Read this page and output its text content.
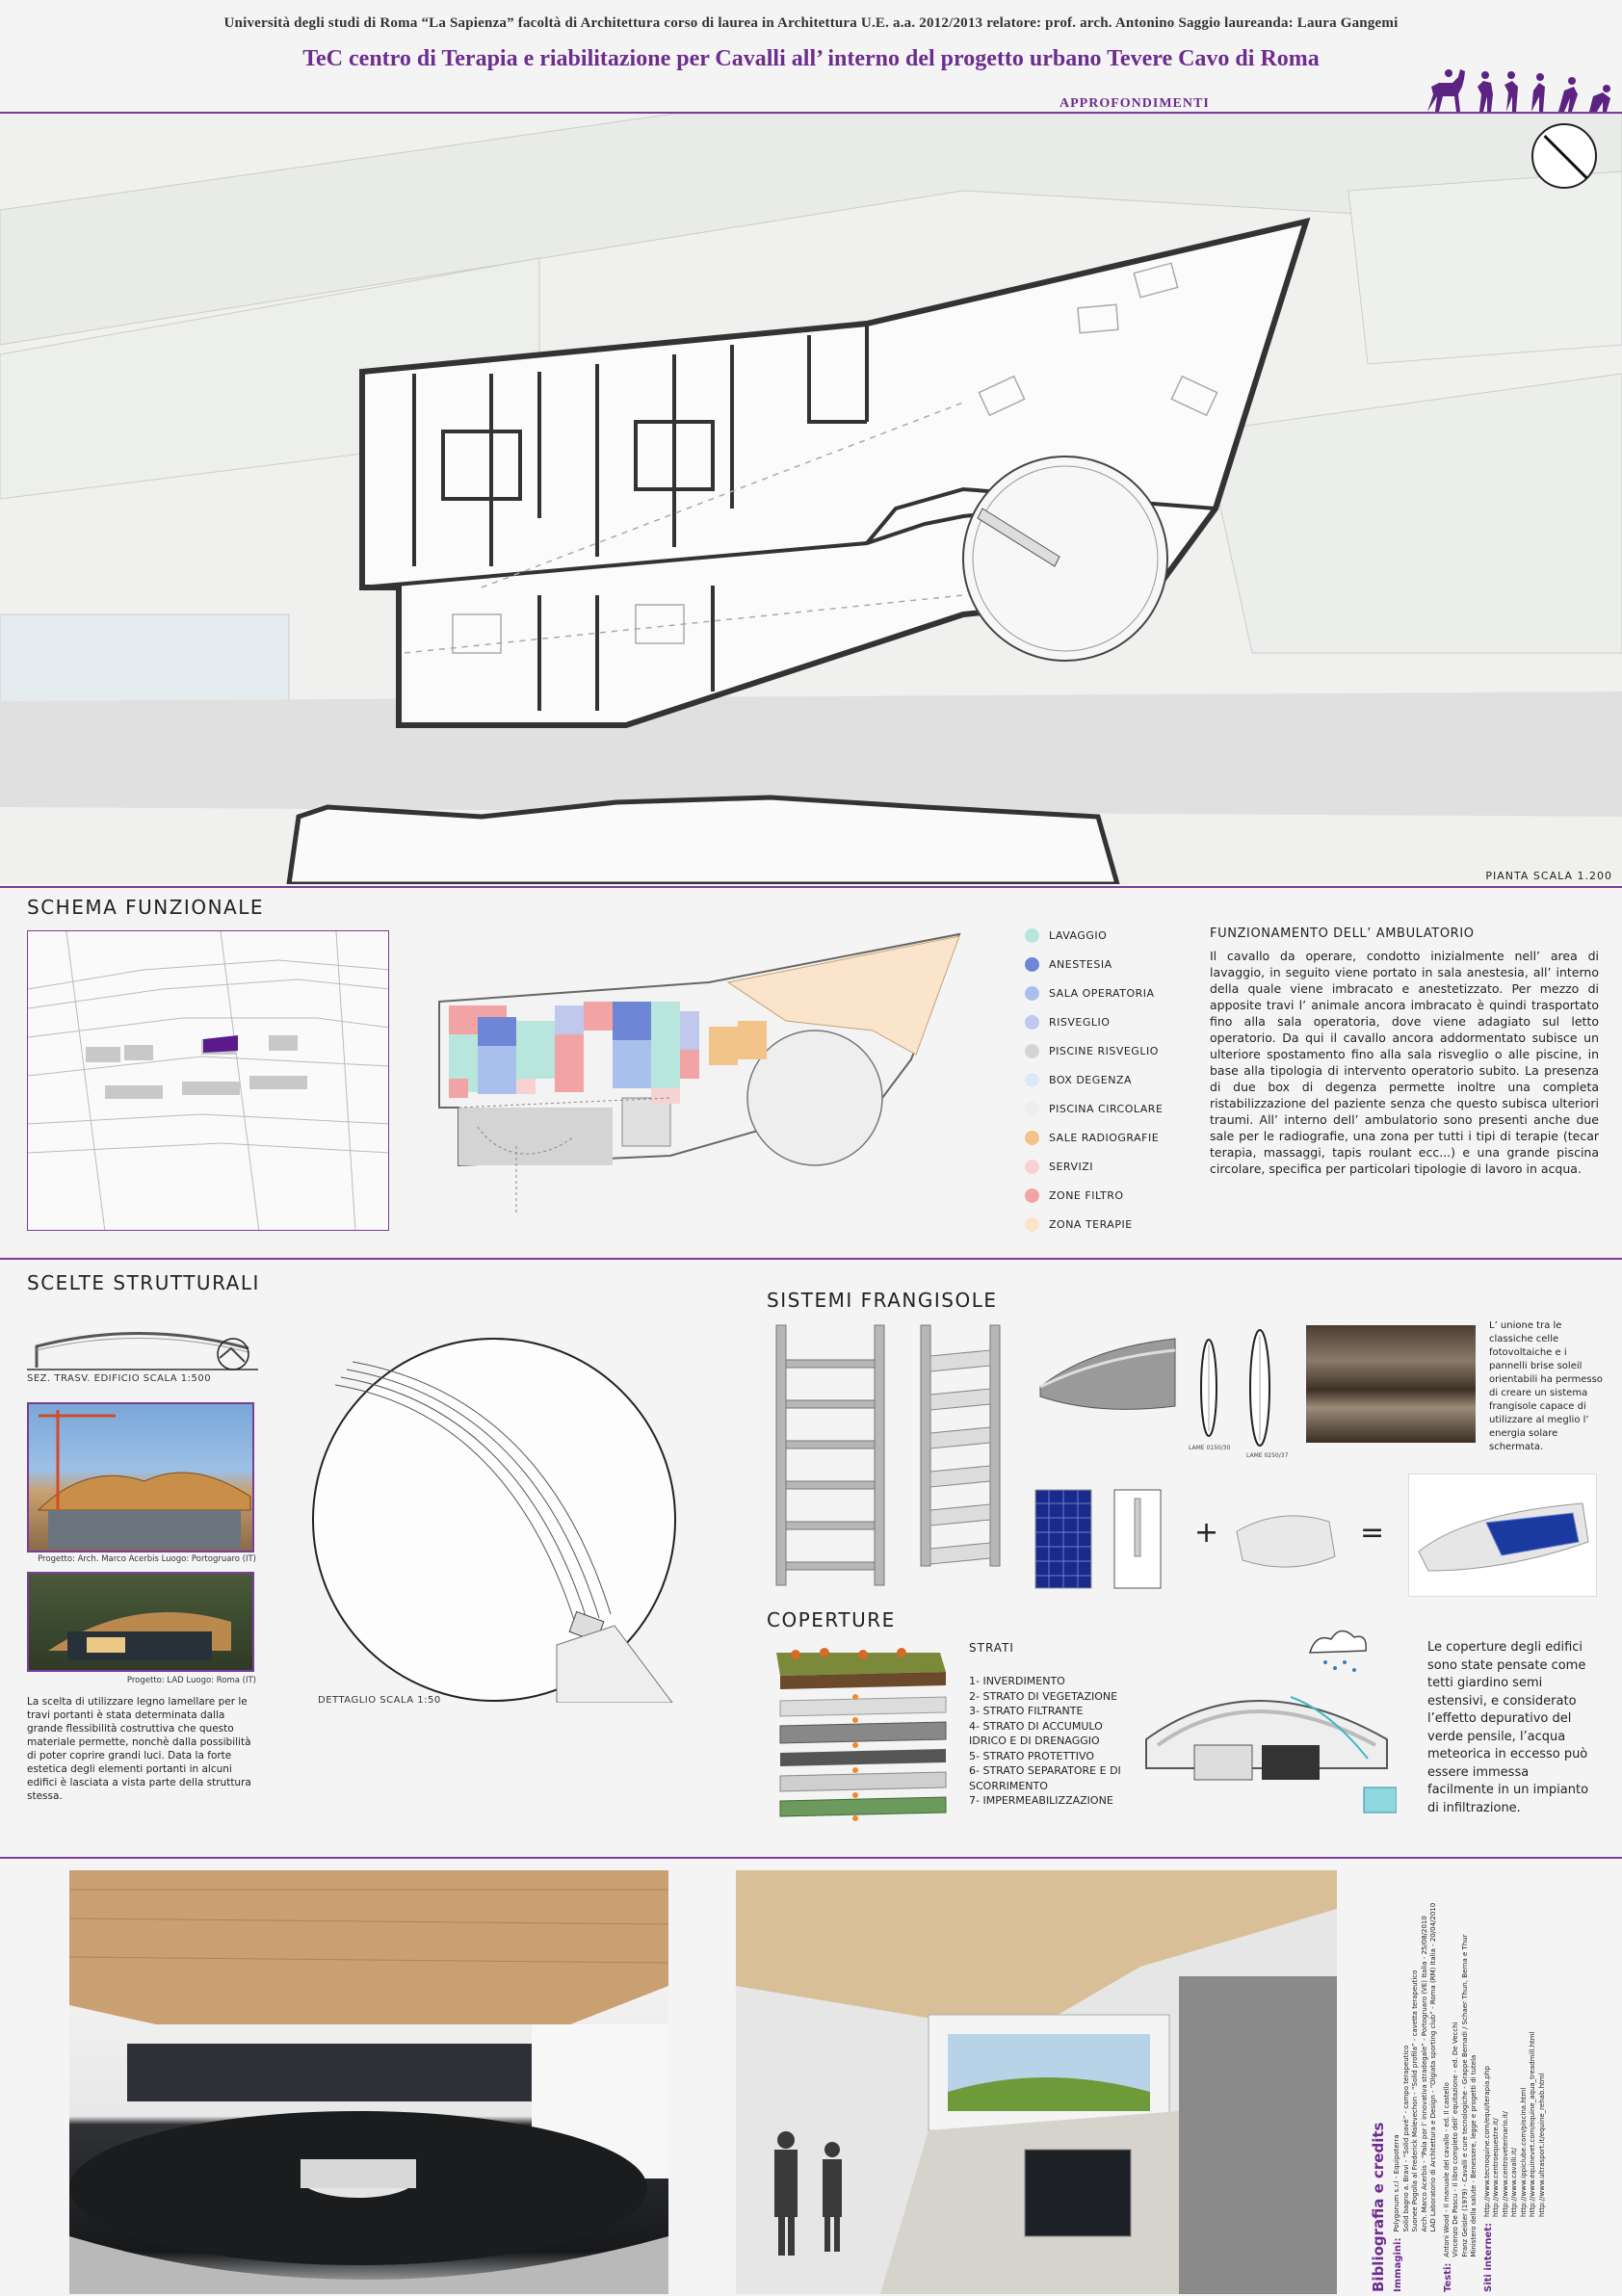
Università degli studi di Roma “La Sapienza” facoltà di Architettura corso di laurea in Architettura U.E. a.a. 2012/2013 relatore: prof. arch. Antonino Saggio laureanda: Laura Gangemi
TeC centro di Terapia e riabilitazione per Cavalli all’ interno del progetto urbano Tevere Cavo di Roma
APPROFONDIMENTI
PIANTA SCALA 1.200
SCHEMA FUNZIONALE
LAVAGGIO
ANESTESIA
SALA OPERATORIA
RISVEGLIO
PISCINE RISVEGLIO
BOX DEGENZA
PISCINA CIRCOLARE
SALE RADIOGRAFIE
SERVIZI
ZONE FILTRO
ZONA TERAPIE
FUNZIONAMENTO DELL’ AMBULATORIO
Il cavallo da operare, condotto inizialmente nell’ area di lavaggio, in seguito viene portato in sala anestesia, all’ interno della quale viene imbracato e anestetizzato. Per mezzo di apposite travi l’ animale ancora imbracato è quindi trasportato fino alla sala operatoria, dove viene adagiato sul letto operatorio. Da qui il cavallo ancora addormentato subisce un ulteriore spostamento fino alla sala risveglio o alle piscine, in base alla tipologia di intervento operatorio subito. La presenza di due box di degenza permette inoltre una completa ristabilizzazione del paziente senza che questo subisca ulteriori traumi. All’ interno dell’ ambulatorio sono presenti anche due sale per le radiografie, una zona per tutti i tipi di terapie (tecar terapia, massaggi, tapis roulant ecc...) e una grande piscina circolare, specifica per particolari tipologie di lavoro in acqua.
SCELTE STRUTTURALI
SEZ. TRASV. EDIFICIO SCALA 1:500
Progetto: Arch. Marco Acerbis Luogo: Portogruaro (IT)
Progetto: LAD Luogo: Roma (IT)
La scelta di utilizzare legno lamellare per le travi portanti è stata determinata dalla grande flessibilità costruttiva che questo materiale permette, nonchè dalla possibilità di poter coprire grandi luci. Data la forte estetica degli elementi portanti in alcuni edifici è lasciata a vista parte della struttura stessa.
DETTAGLIO SCALA 1:50
SISTEMI FRANGISOLE
LAME 0150/30
LAME 0250/37
L’ unione tra le classiche celle fotovoltaiche e i pannelli brise soleil orientabili ha permesso di creare un sistema frangisole capace di utilizzare al meglio l’ energia solare schermata.
+	=
COPERTURE
STRATI
1- INVERDIMENTO
2- STRATO DI VEGETAZIONE
3- STRATO FILTRANTE
4- STRATO DI ACCUMULO IDRICO E DI DRENAGGIO
5- STRATO PROTETTIVO
6- STRATO SEPARATORE E DI SCORRIMENTO
7- IMPERMEABILIZZAZIONE
Le coperture degli edifici sono state pensate come tetti giardino semi estensivi, e considerato l’effetto depurativo del verde pensile, l’acqua meteorica in eccesso può essere immessa facilmente in un impianto di infiltrazione.
Bibliografia e credits Immagini:
Polygonum s.r.l - Equipoterra Solid bagno a. Bravi - “Solid pavé” - campo terapeutico Suonee Pogolla al Frederick Malevechon - “Solid profila” - cavetta terapeutico Arch. Marco Acerbis - “Pala por l’ innovativa stradegale” - Portogruaro (VE) Italia - 25/08/2010 LAD Laboratorio di Architettura e Design - “Olgiata sporting club” - Roma (RM) Italia - 20/04/2010
Testi:
Antoni Wood - Il manuale del cavallo - ed. Il castello Vincenzo De Pascu - Il libro completo dell’ equitazione - ed. De Vecchi Franz Geisler (1979) - Cavalli e cure tecnologiche - Grappe Bernadi / Schaer Thun, Berna e Thur Ministero della salute - Benessere, legge e progetti di tutela
Siti internet:
http://www.tecnoquine.com/equi/terapia.php http://www.centroequestre.it/ http://www.centroveterinario.it/ http://www.cavalli.it/ http://www.ippiclube.com/piscina.html http://www.equinevet.com/equine_aqua_treadmill.html http://www.ultrasport.it/equine_rehab.html
